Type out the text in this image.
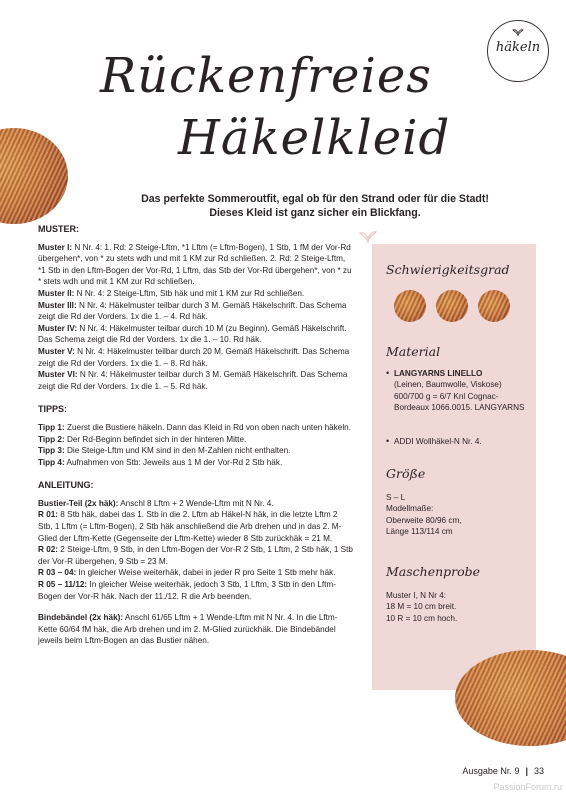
häkeln
Rückenfreies
Häkelkleid
Das perfekte Sommeroutfit, egal ob für den Strand oder für die Stadt!
Dieses Kleid ist ganz sicher ein Blickfang.
MUSTER:
Muster I: N Nr. 4: 1. Rd: 2 Steige-Lftm, *1 Lftm (= Lftm-Bogen), 1 Stb, 1 fM der Vor-Rd übergehen*, von * zu stets wdh und mit 1 KM zur Rd schließen. 2. Rd: 2 Steige-Lftm, *1 Stb in den Lftm-Bogen der Vor-Rd, 1 Lftm, das Stb der Vor-Rd übergehen*, von * zu * stets wdh und mit 1 KM zur Rd schließen.
Muster II: N Nr. 4: 2 Steige-Lftm, Stb häk und mit 1 KM zur Rd schließen.
Muster III: N Nr. 4: Häkelmuster teilbar durch 3 M. Gemäß Häkelschrift. Das Schema zeigt die Rd der Vorders. 1x die 1. – 4. Rd häk.
Muster IV: N Nr. 4: Häkelmuster teilbar durch 10 M (zu Beginn). Gemäß Häkelschrift. Das Schema zeigt die Rd der Vorders. 1x die 1. – 10. Rd häk.
Muster V: N Nr. 4: Häkelmuster teilbar durch 20 M. Gemäß Häkelschrift. Das Schema zeigt die Rd der Vorders. 1x die 1. – 8. Rd häk.
Muster VI: N Nr. 4: Häkelmuster teilbar durch 3 M. Gemäß Häkelschrift. Das Schema zeigt die Rd der Vorders. 1x die 1. – 5. Rd häk.
TIPPS:
Tipp 1: Zuerst die Bustiere häkeln. Dann das Kleid in Rd von oben nach unten häkeln.
Tipp 2: Der Rd-Beginn befindet sich in der hinteren Mitte.
Tipp 3: Die Steige-Lftm und KM sind in den M-Zahlen nicht enthalten.
Tipp 4: Aufnahmen von Stb: Jeweils aus 1 M der Vor-Rd 2 Stb häk.
ANLEITUNG:
Bustier-Teil (2x häk): Anschl 8 Lftm + 2 Wende-Lftm mit N Nr. 4.
R 01: 8 Stb häk, dabei das 1. Stb in die 2. Lftm ab Häkel-N häk, in die letzte Lftm 2 Stb, 1 Lftm (= Lftm-Bogen), 2 Stb häk anschließend die Arb drehen und in das 2. M-Glied der Lftm-Kette (Gegenseite der Lftm-Kette) wieder 8 Stb zurückhäk = 21 M.
R 02: 2 Steige-Lftm, 9 Stb, in den Lftm-Bogen der Vor-R 2 Stb, 1 Lftm, 2 Stb häk, 1 Stb der Vor-R übergehen, 9 Stb = 23 M.
R 03 – 04: In gleicher Weise weiterhäk, dabei in jeder R pro Seite 1 Stb mehr häk.
R 05 – 11/12: In gleicher Weise weiterhäk, jedoch 3 Stb, 1 Lftm, 3 Stb in den Lftm-Bogen der Vor-R häk. Nach der 11./12. R die Arb beenden.
Bindebändel (2x häk): Anschl 61/65 Lftm + 1 Wende-Lftm mit N Nr. 4. In die Lftm-Kette 60/64 fM häk, die Arb drehen und im 2. M-Glied zurückhäk. Die Bindebändel jeweils beim Lftm-Bogen an das Bustier nähen.
Schwierigkeitsgrad
Material
• LANGYARNS LINELLO
(Leinen, Baumwolle, Viskose) 600/700 g = 6/7 Knl Cognac-Bordeaux 1066.0015. LANGYARNS
• ADDI Wollhäkel-N Nr. 4.
Größe
S – L
Modellmaße:
Oberweite 80/96 cm,
Länge 113/114 cm
Maschenprobe
Muster I, N Nr 4:
18 M = 10 cm breit.
10 R = 10 cm hoch.
Ausgabe Nr. 9 | 33
PassionForum.ru
